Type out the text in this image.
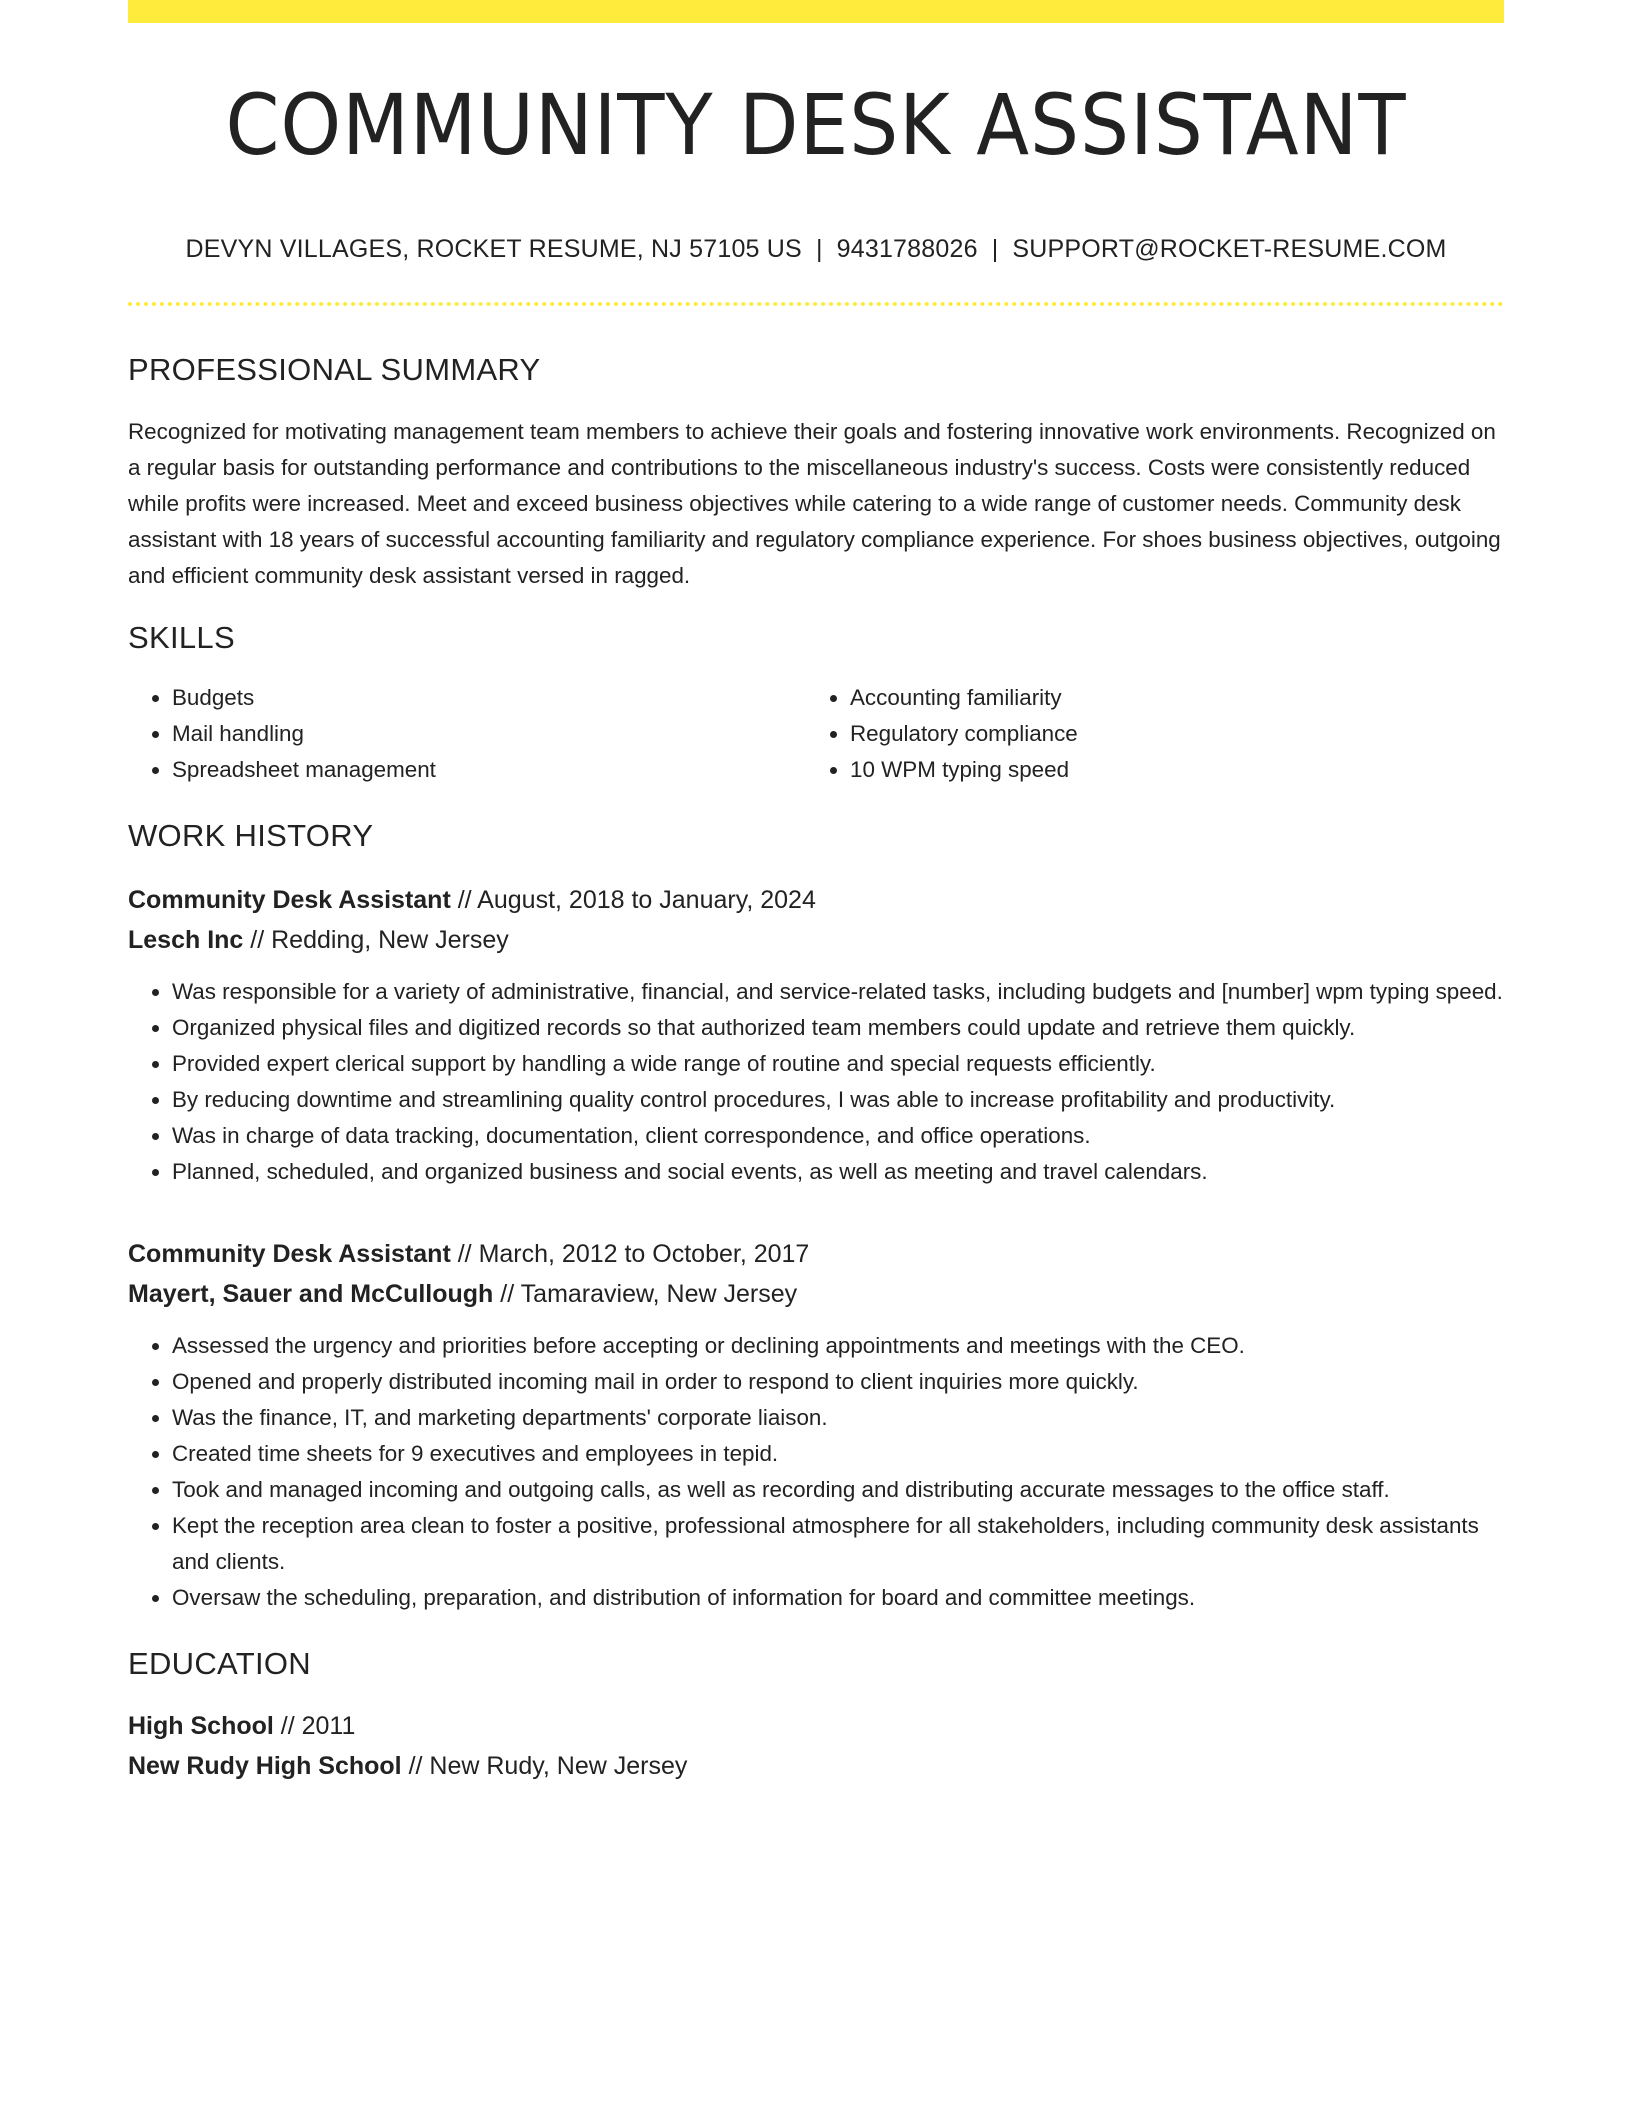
COMMUNITY DESK ASSISTANT
DEVYN VILLAGES, ROCKET RESUME, NJ 57105 US | 9431788026 | SUPPORT@ROCKET-RESUME.COM
PROFESSIONAL SUMMARY

Recognized for motivating management team members to achieve their goals and fostering innovative work environments. Recognized on a regular basis for outstanding performance and contributions to the miscellaneous industry's success. Costs were consistently reduced while profits were increased. Meet and exceed business objectives while catering to a wide range of customer needs. Community desk assistant with 18 years of successful accounting familiarity and regulatory compliance experience. For shoes business objectives, outgoing and efficient community desk assistant versed in ragged.

SKILLS
• Budgets
• Mail handling
• Spreadsheet management
• Accounting familiarity
• Regulatory compliance
• 10 WPM typing speed
WORK HISTORY
Community Desk Assistant // August, 2018 to January, 2024
Lesch Inc // Redding, New Jersey
• Was responsible for a variety of administrative, financial, and service-related tasks, including budgets and [number] wpm typing speed.
• Organized physical files and digitized records so that authorized team members could update and retrieve them quickly.
• Provided expert clerical support by handling a wide range of routine and special requests efficiently.
• By reducing downtime and streamlining quality control procedures, I was able to increase profitability and productivity.
• Was in charge of data tracking, documentation, client correspondence, and office operations.
• Planned, scheduled, and organized business and social events, as well as meeting and travel calendars.
Community Desk Assistant // March, 2012 to October, 2017
Mayert, Sauer and McCullough // Tamaraview, New Jersey
• Assessed the urgency and priorities before accepting or declining appointments and meetings with the CEO.
• Opened and properly distributed incoming mail in order to respond to client inquiries more quickly.
• Was the finance, IT, and marketing departments' corporate liaison.
• Created time sheets for 9 executives and employees in tepid.
• Took and managed incoming and outgoing calls, as well as recording and distributing accurate messages to the office staff.
• Kept the reception area clean to foster a positive, professional atmosphere for all stakeholders, including community desk assistants and clients.
• Oversaw the scheduling, preparation, and distribution of information for board and committee meetings.
EDUCATION
High School // 2011
New Rudy High School // New Rudy, New Jersey
